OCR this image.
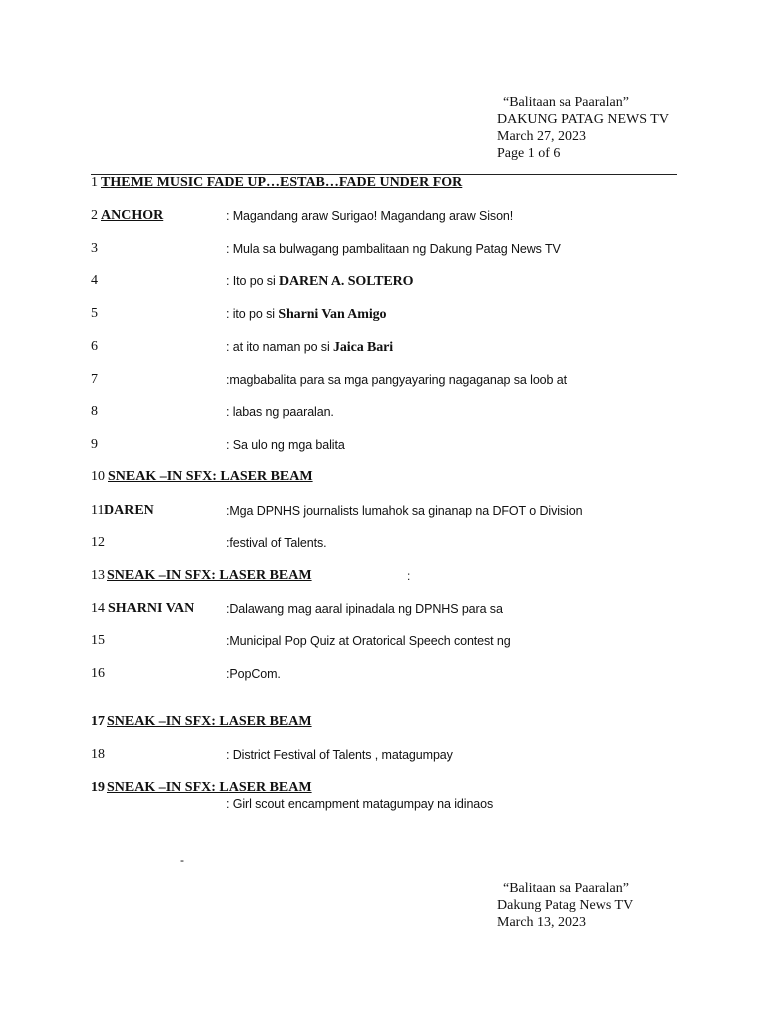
“Balitaan sa Paaralan”
DAKUNG PATAG NEWS TV
March 27, 2023
Page 1 of 6
1 THEME MUSIC FADE UP…ESTAB…FADE UNDER FOR
2 ANCHOR	: Magandang araw Surigao! Magandang araw Sison!
3	: Mula sa bulwagang pambalitaan ng Dakung Patag News TV
4	: Ito po si DAREN A. SOLTERO
5	: ito po si Sharni Van Amigo
6	: at ito naman po si Jaica Bari
7	:magbabalita para sa mga pangyayaring nagaganap sa loob at
8	: labas ng paaralan.
9	: Sa ulo ng mga balita
10 SNEAK –IN SFX: LASER BEAM
11 DAREN	:Mga DPNHS journalists lumahok sa ginanap na DFOT o Division
12	:festival of Talents.
13 SNEAK –IN SFX: LASER BEAM	:
14 SHARNI VAN	:Dalawang mag aaral ipinadala ng DPNHS para sa
15	:Municipal Pop Quiz at Oratorical Speech contest ng
16	:PopCom.
17 SNEAK –IN SFX: LASER BEAM
18	: District Festival of Talents , matagumpay
19 SNEAK –IN SFX: LASER BEAM
: Girl scout encampment matagumpay na idinaos
-
“Balitaan sa Paaralan”
Dakung Patag News TV
March 13, 2023
